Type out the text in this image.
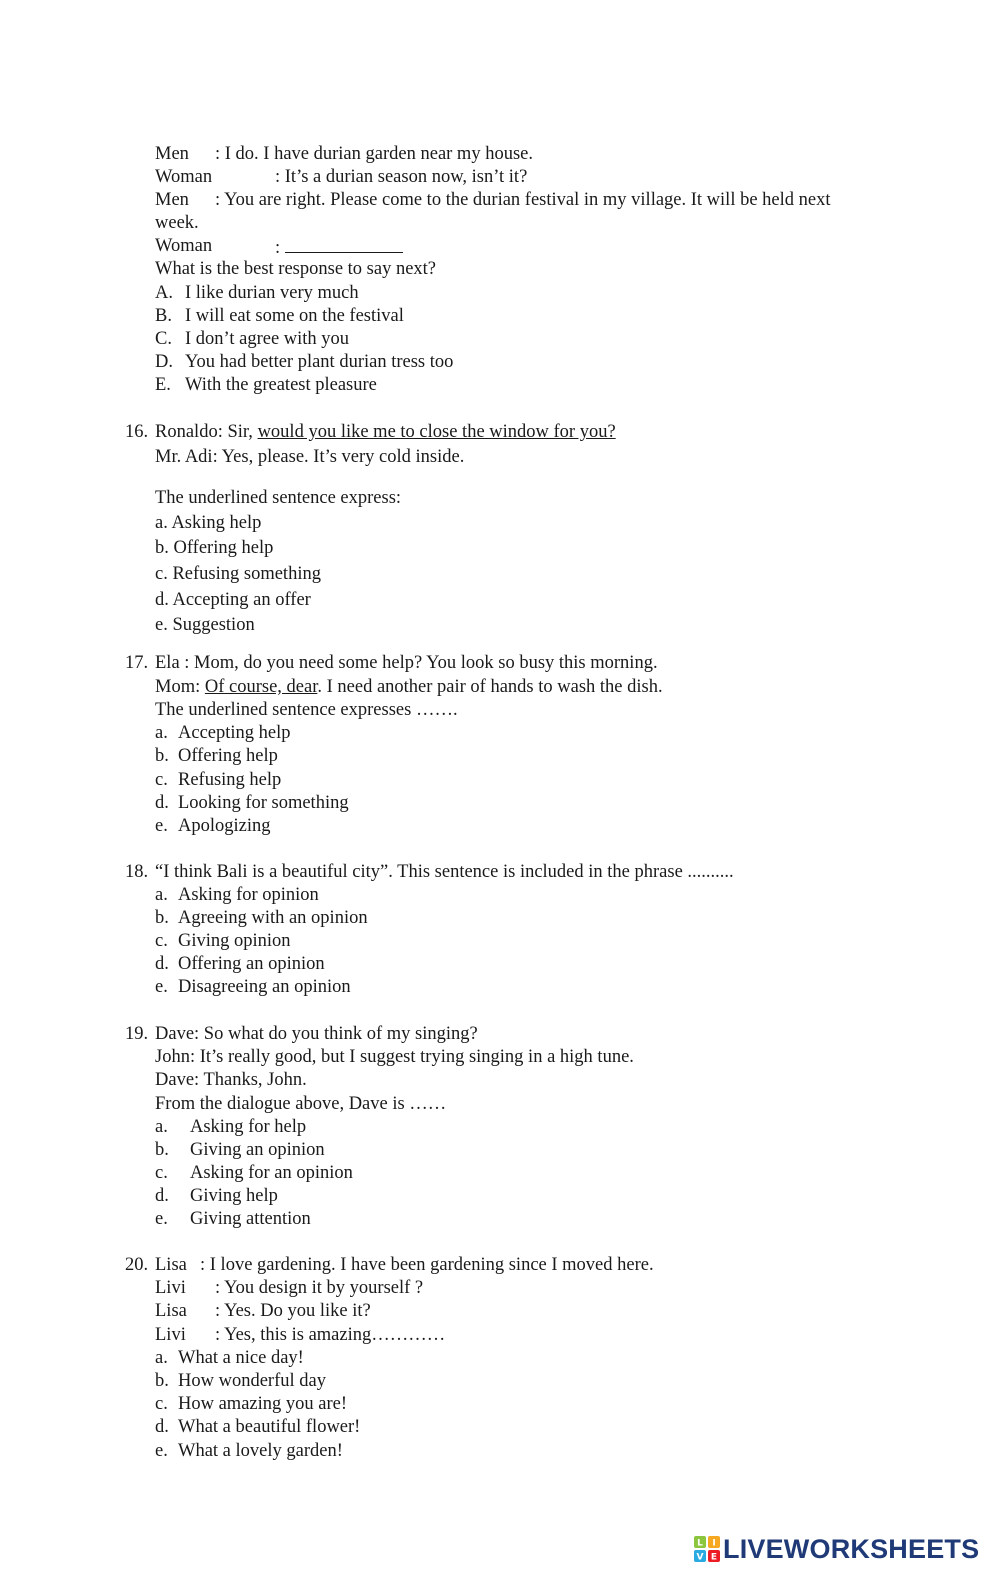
Men : I do. I have durian garden near my house.
Woman	: It’s a durian season now, isn’t it?
Men : You are right. Please come to the durian festival in my village. It will be held next
week.
Woman	:
What is the best response to say next?
A. I like durian very much
B. I will eat some on the festival
C. I don’t agree with you
D. You had better plant durian tress too
E. With the greatest pleasure
16. Ronaldo: Sir, would you like me to close the window for you?
Mr. Adi: Yes, please. It’s very cold inside.
The underlined sentence express:
a. Asking help
b. Offering help
c. Refusing something
d. Accepting an offer
e. Suggestion
17. Ela : Mom, do you need some help? You look so busy this morning.
Mom: Of course, dear. I need another pair of hands to wash the dish.
The underlined sentence expresses …….
a. Accepting help
b. Offering help
c. Refusing help
d. Looking for something
e. Apologizing
18. “I think Bali is a beautiful city”. This sentence is included in the phrase ..........
a. Asking for opinion
b. Agreeing with an opinion
c. Giving opinion
d. Offering an opinion
e. Disagreeing an opinion
19. Dave: So what do you think of my singing?
John: It’s really good, but I suggest trying singing in a high tune.
Dave: Thanks, John.
From the dialogue above, Dave is ……
a. Asking for help
b. Giving an opinion
c. Asking for an opinion
d. Giving help
e. Giving attention
20. Lisa : I love gardening. I have been gardening since I moved here.
Livi : You design it by yourself ?
Lisa : Yes. Do you like it?
Livi : Yes, this is amazing…………
a. What a nice day!
b. How wonderful day
c. How amazing you are!
d. What a beautiful flower!
e. What a lovely garden!
L I
V E LIVEWORKSHEETS
